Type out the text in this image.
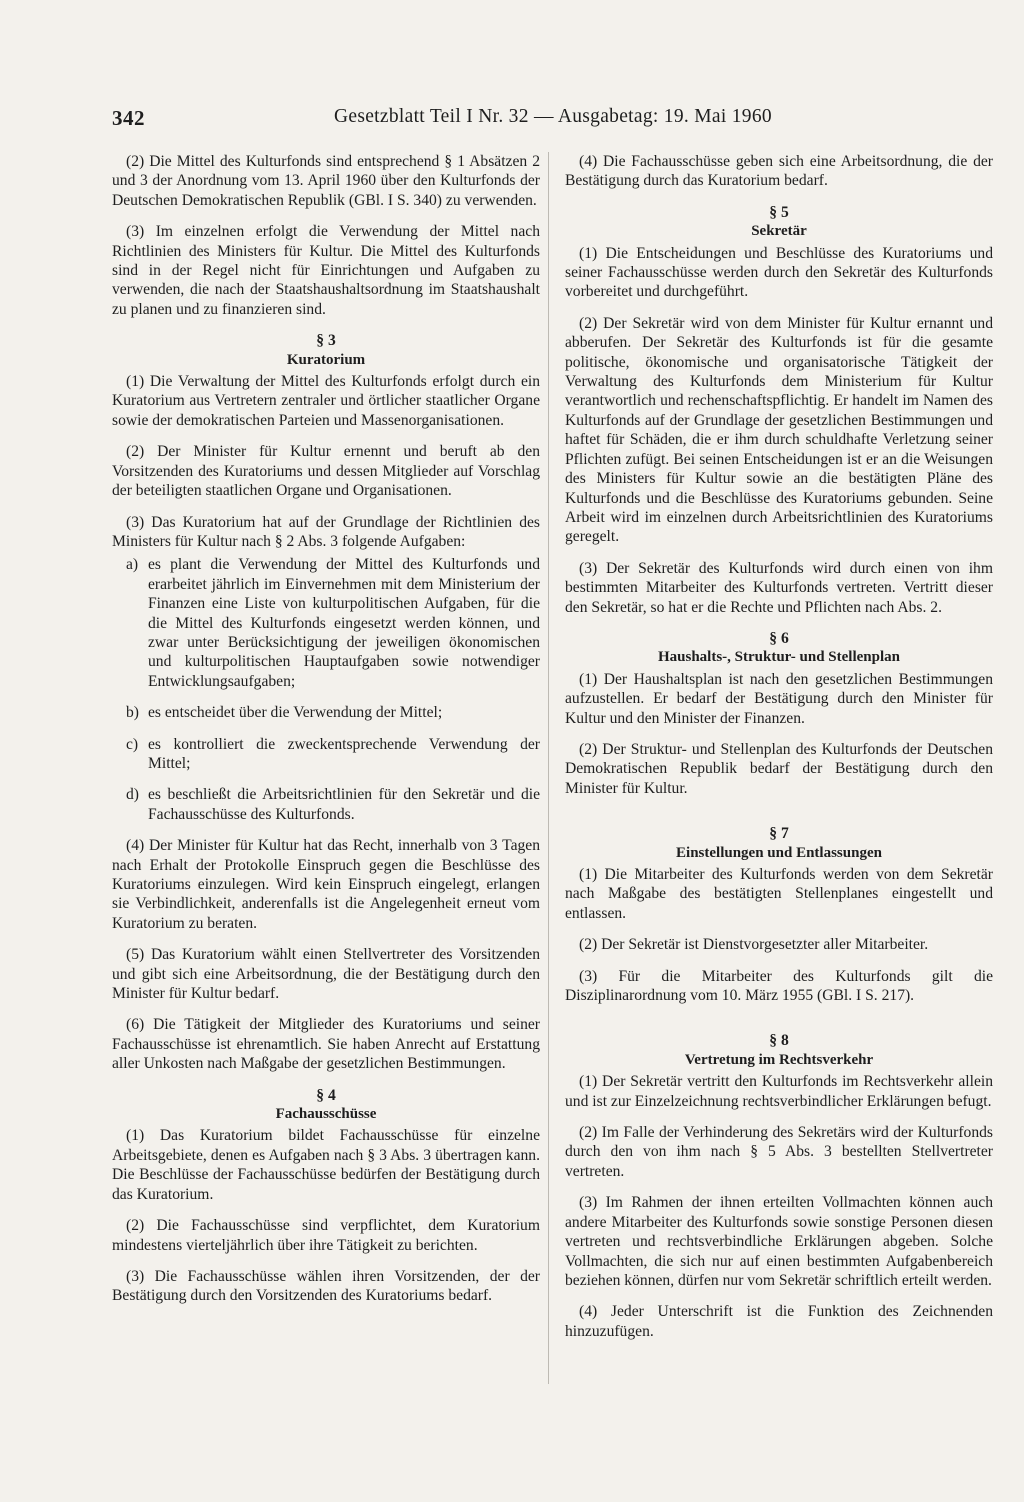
342	Gesetzblatt Teil I Nr. 32 — Ausgabetag: 19. Mai 1960

(2) Die Mittel des Kulturfonds sind entsprechend § 1 Absätzen 2 und 3 der Anordnung vom 13. April 1960 über den Kulturfonds der Deutschen Demokratischen Republik (GBl. I S. 340) zu verwenden.

(3) Im einzelnen erfolgt die Verwendung der Mittel nach Richtlinien des Ministers für Kultur. Die Mittel des Kulturfonds sind in der Regel nicht für Einrichtungen und Aufgaben zu verwenden, die nach der Staatshaushaltsordnung im Staatshaushalt zu planen und zu finanzieren sind.

§ 3
Kuratorium

(1) Die Verwaltung der Mittel des Kulturfonds erfolgt durch ein Kuratorium aus Vertretern zentraler und örtlicher staatlicher Organe sowie der demokratischen Parteien und Massenorganisationen.

(2) Der Minister für Kultur ernennt und beruft ab den Vorsitzenden des Kuratoriums und dessen Mitglieder auf Vorschlag der beteiligten staatlichen Organe und Organisationen.

(3) Das Kuratorium hat auf der Grundlage der Richtlinien des Ministers für Kultur nach § 2 Abs. 3 folgende Aufgaben:

a) es plant die Verwendung der Mittel des Kulturfonds und erarbeitet jährlich im Einvernehmen mit dem Ministerium der Finanzen eine Liste von kulturpolitischen Aufgaben, für die die Mittel des Kulturfonds eingesetzt werden können, und zwar unter Berücksichtigung der jeweiligen ökonomischen und kulturpolitischen Hauptaufgaben sowie notwendiger Entwicklungsaufgaben;
b) es entscheidet über die Verwendung der Mittel;
c) es kontrolliert die zweckentsprechende Verwendung der Mittel;
d) es beschließt die Arbeitsrichtlinien für den Sekretär und die Fachausschüsse des Kulturfonds.

(4) Der Minister für Kultur hat das Recht, innerhalb von 3 Tagen nach Erhalt der Protokolle Einspruch gegen die Beschlüsse des Kuratoriums einzulegen. Wird kein Einspruch eingelegt, erlangen sie Verbindlichkeit, anderenfalls ist die Angelegenheit erneut vom Kuratorium zu beraten.

(5) Das Kuratorium wählt einen Stellvertreter des Vorsitzenden und gibt sich eine Arbeitsordnung, die der Bestätigung durch den Minister für Kultur bedarf.

(6) Die Tätigkeit der Mitglieder des Kuratoriums und seiner Fachausschüsse ist ehrenamtlich. Sie haben Anrecht auf Erstattung aller Unkosten nach Maßgabe der gesetzlichen Bestimmungen.

§ 4
Fachausschüsse

(1) Das Kuratorium bildet Fachausschüsse für einzelne Arbeitsgebiete, denen es Aufgaben nach § 3 Abs. 3 übertragen kann. Die Beschlüsse der Fachausschüsse bedürfen der Bestätigung durch das Kuratorium.

(2) Die Fachausschüsse sind verpflichtet, dem Kuratorium mindestens vierteljährlich über ihre Tätigkeit zu berichten.

(3) Die Fachausschüsse wählen ihren Vorsitzenden, der der Bestätigung durch den Vorsitzenden des Kuratoriums bedarf.

(4) Die Fachausschüsse geben sich eine Arbeitsordnung, die der Bestätigung durch das Kuratorium bedarf.

§ 5
Sekretär

(1) Die Entscheidungen und Beschlüsse des Kuratoriums und seiner Fachausschüsse werden durch den Sekretär des Kulturfonds vorbereitet und durchgeführt.

(2) Der Sekretär wird von dem Minister für Kultur ernannt und abberufen. Der Sekretär des Kulturfonds ist für die gesamte politische, ökonomische und organisatorische Tätigkeit der Verwaltung des Kulturfonds dem Ministerium für Kultur verantwortlich und rechenschaftspflichtig. Er handelt im Namen des Kulturfonds auf der Grundlage der gesetzlichen Bestimmungen und haftet für Schäden, die er ihm durch schuldhafte Verletzung seiner Pflichten zufügt. Bei seinen Entscheidungen ist er an die Weisungen des Ministers für Kultur sowie an die bestätigten Pläne des Kulturfonds und die Beschlüsse des Kuratoriums gebunden. Seine Arbeit wird im einzelnen durch Arbeitsrichtlinien des Kuratoriums geregelt.

(3) Der Sekretär des Kulturfonds wird durch einen von ihm bestimmten Mitarbeiter des Kulturfonds vertreten. Vertritt dieser den Sekretär, so hat er die Rechte und Pflichten nach Abs. 2.

§ 6
Haushalts-, Struktur- und Stellenplan

(1) Der Haushaltsplan ist nach den gesetzlichen Bestimmungen aufzustellen. Er bedarf der Bestätigung durch den Minister für Kultur und den Minister der Finanzen.

(2) Der Struktur- und Stellenplan des Kulturfonds der Deutschen Demokratischen Republik bedarf der Bestätigung durch den Minister für Kultur.

§ 7
Einstellungen und Entlassungen

(1) Die Mitarbeiter des Kulturfonds werden von dem Sekretär nach Maßgabe des bestätigten Stellenplanes eingestellt und entlassen.

(2) Der Sekretär ist Dienstvorgesetzter aller Mitarbeiter.

(3) Für die Mitarbeiter des Kulturfonds gilt die Disziplinarordnung vom 10. März 1955 (GBl. I S. 217).

§ 8
Vertretung im Rechtsverkehr

(1) Der Sekretär vertritt den Kulturfonds im Rechtsverkehr allein und ist zur Einzelzeichnung rechtsverbindlicher Erklärungen befugt.

(2) Im Falle der Verhinderung des Sekretärs wird der Kulturfonds durch den von ihm nach § 5 Abs. 3 bestellten Stellvertreter vertreten.

(3) Im Rahmen der ihnen erteilten Vollmachten können auch andere Mitarbeiter des Kulturfonds sowie sonstige Personen diesen vertreten und rechtsverbindliche Erklärungen abgeben. Solche Vollmachten, die sich nur auf einen bestimmten Aufgabenbereich beziehen können, dürfen nur vom Sekretär schriftlich erteilt werden.

(4) Jeder Unterschrift ist die Funktion des Zeichnenden hinzuzufügen.
